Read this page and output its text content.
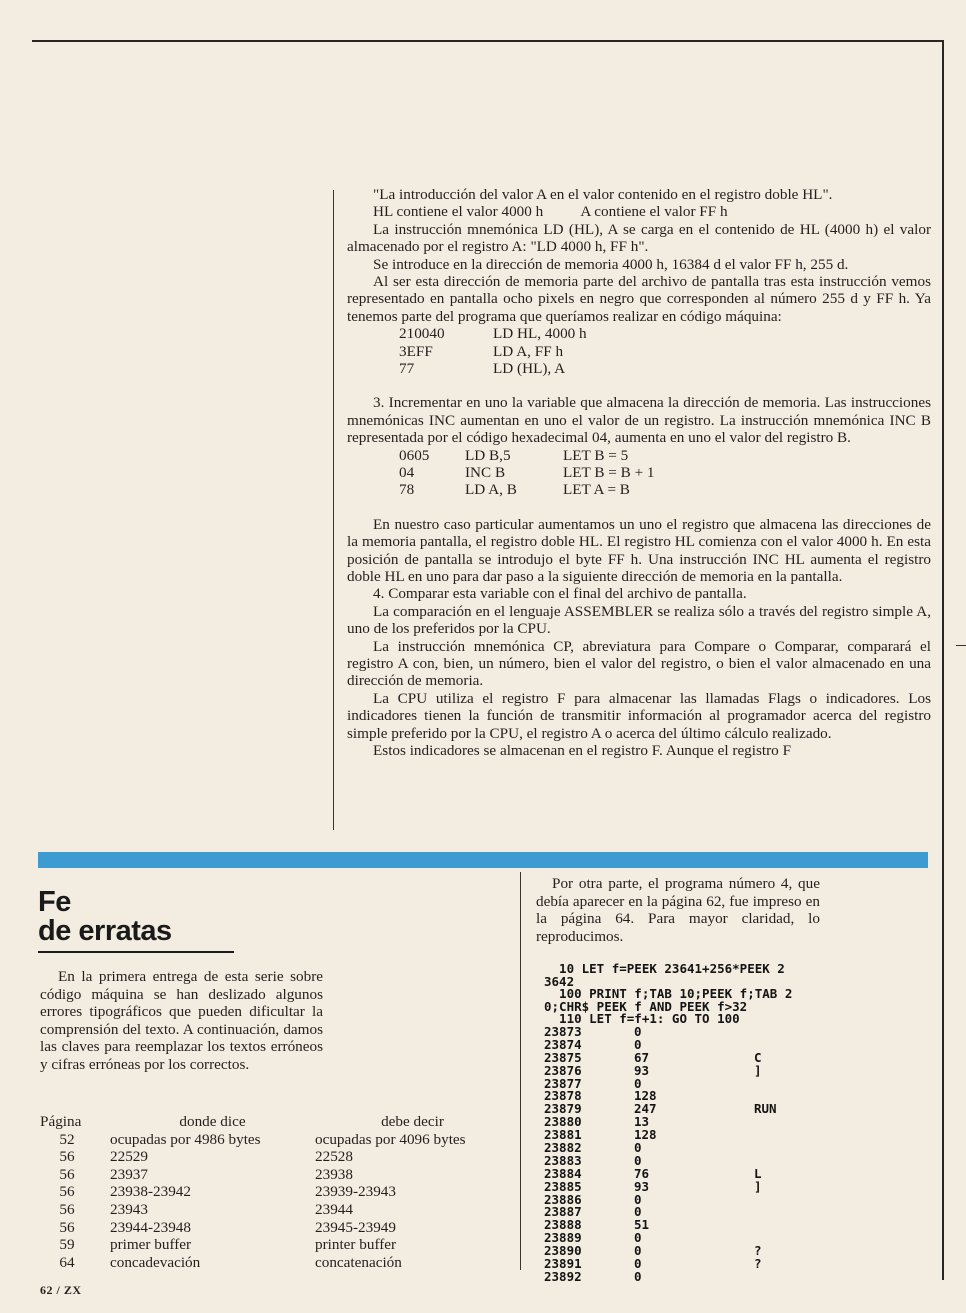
"La introducción del valor A en el valor contenido en el registro doble HL".

HL contiene el valor 4000 h          A contiene el valor FF h

La instrucción mnemónica LD (HL), A se carga en el contenido de HL (4000 h) el valor almacenado por el registro A: "LD 4000 h, FF h".

Se introduce en la dirección de memoria 4000 h, 16384 d el valor FF h, 255 d.

Al ser esta dirección de memoria parte del archivo de pantalla tras esta instrucción vemos representado en pantalla ocho pixels en negro que corresponden al número 255 d y FF h. Ya tenemos parte del programa que queríamos realizar en código máquina:

210040	LD HL, 4000 h
3EFF	LD A, FF h
77	LD (HL), A

3. Incrementar en uno la variable que almacena la dirección de memoria. Las instrucciones mnemónicas INC aumentan en uno el valor de un registro. La instrucción mnemónica INC B representada por el código hexadecimal 04, aumenta en uno el valor del registro B.

0605	LD B,5	LET B = 5
04	INC B	LET B = B + 1
78	LD A, B	LET A = B

En nuestro caso particular aumentamos un uno el registro que almacena las direcciones de la memoria pantalla, el registro doble HL. El registro HL comienza con el valor 4000 h. En esta posición de pantalla se introdujo el byte FF h. Una instrucción INC HL aumenta el registro doble HL en uno para dar paso a la siguiente dirección de memoria en la pantalla.

4. Comparar esta variable con el final del archivo de pantalla.

La comparación en el lenguaje ASSEMBLER se realiza sólo a través del registro simple A, uno de los preferidos por la CPU.

La instrucción mnemónica CP, abreviatura para Compare o Comparar, comparará el registro A con, bien, un número, bien el valor del registro, o bien el valor almacenado en una dirección de memoria.

La CPU utiliza el registro F para almacenar las llamadas Flags o indicadores. Los indicadores tienen la función de transmitir información al programador acerca del registro simple preferido por la CPU, el registro A o acerca del último cálculo realizado.

Estos indicadores se almacenan en el registro F. Aunque el registro F

Fe
de erratas

En la primera entrega de esta serie sobre código máquina se han deslizado algunos errores tipográficos que pueden dificultar la comprensión del texto. A continuación, damos las claves para reemplazar los textos erróneos y cifras erróneas por los correctos.

Página	donde dice	debe decir
52	ocupadas por 4986 bytes	ocupadas por 4096 bytes
56	22529	22528
56	23937	23938
56	23938-23942	23939-23943
56	23943	23944
56	23944-23948	23945-23949
59	primer buffer	printer buffer
64	concadevación	concatenación

Por otra parte, el programa número 4, que debía aparecer en la página 62, fue impreso en la página 64. Para mayor claridad, lo reproducimos.

10 LET f=PEEK 23641+256*PEEK 2
3642
100 PRINT f;TAB 10;PEEK f;TAB 2
0;CHR$ PEEK f AND PEEK f>32
110 LET f=f+1: GO TO 100
23873	0
23874	0
23875	67	C
23876	93	]
23877	0
23878	128
23879	247	RUN
23880	13
23881	128
23882	0
23883	0
23884	76	L
23885	93	]
23886	0
23887	0
23888	51
23889	0
23890	0	?
23891	0	?
23892	0
62 / ZX
